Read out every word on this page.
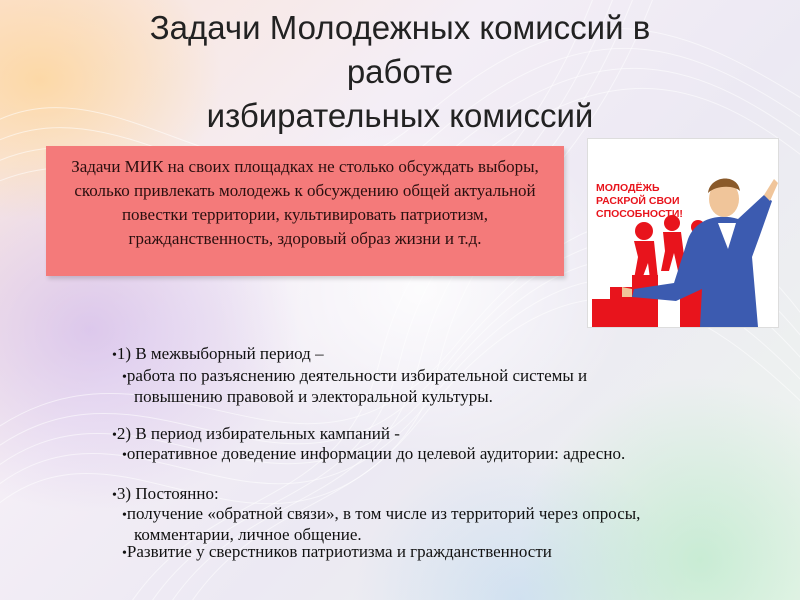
Задачи Молодежных комиссий в
работе
избирательных комиссий
Задачи МИК на своих площадках не столько обсуждать выборы, сколько привлекать молодежь к обсуждению общей актуальной повестки территории, культивировать патриотизм, гражданственность, здоровый образ жизни и т.д.
МОЛОДЁЖЬ
РАСКРОЙ СВОИ
СПОСОБНОСТИ!
•1) В межвыборный период –

•работа по разъяснению деятельности избирательной системы и

повышению правовой и электоральной культуры.

•2) В период избирательных кампаний -

•оперативное доведение информации до целевой аудитории: адресно.

•3) Постоянно:

•получение «обратной связи», в том числе из территорий через опросы,

комментарии, личное общение.

•Развитие у сверстников патриотизма и гражданственности
